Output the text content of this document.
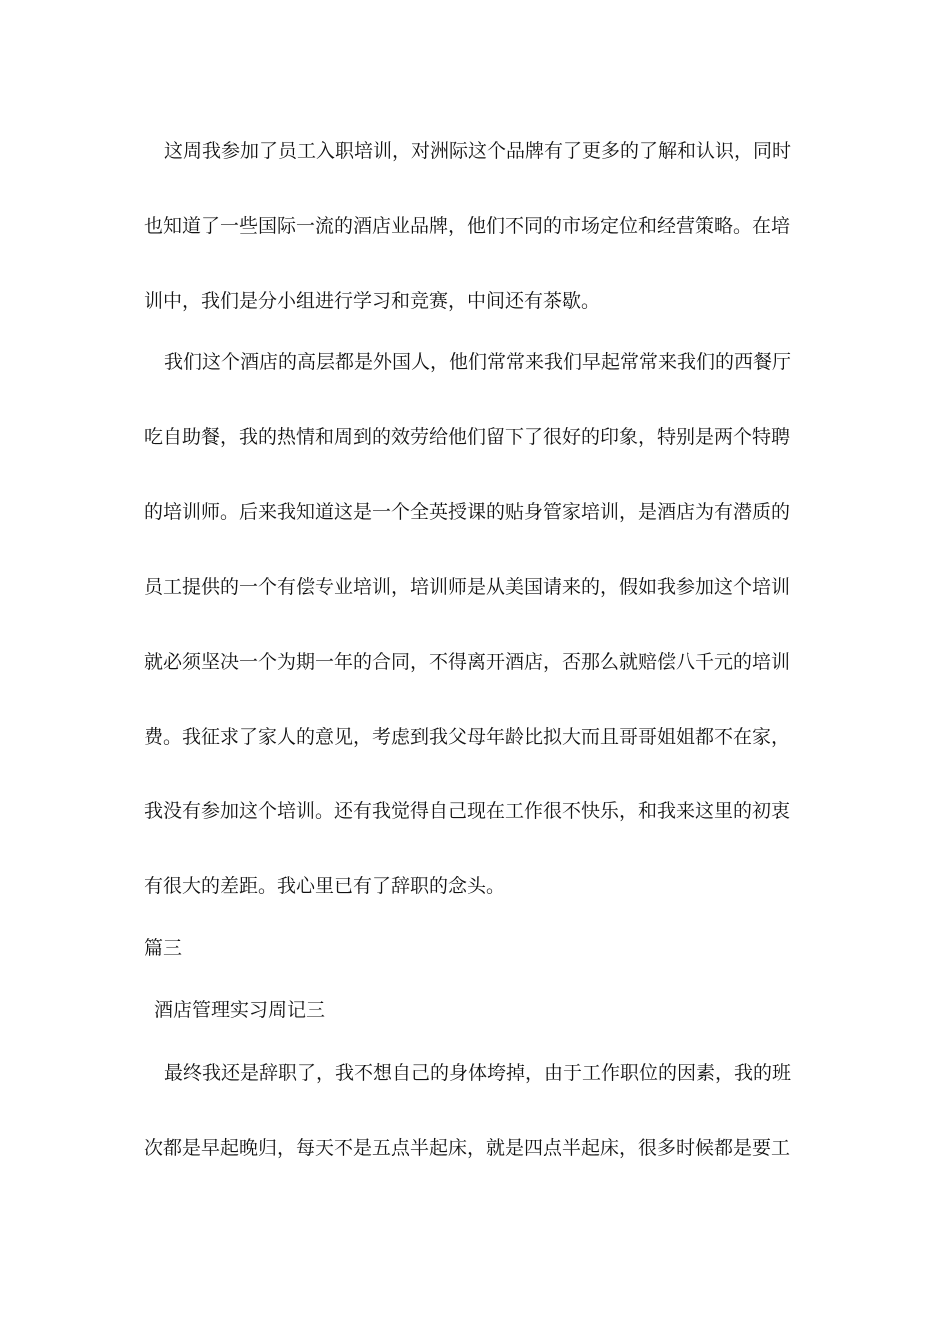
这周我参加了员工入职培训，对洲际这个品牌有了更多的了解和认识，同时
也知道了一些国际一流的酒店业品牌，他们不同的市场定位和经营策略。在培
训中，我们是分小组进行学习和竞赛，中间还有茶歇。
我们这个酒店的高层都是外国人，他们常常来我们早起常常来我们的西餐厅
吃自助餐，我的热情和周到的效劳给他们留下了很好的印象，特别是两个特聘
的培训师。后来我知道这是一个全英授课的贴身管家培训，是酒店为有潜质的
员工提供的一个有偿专业培训，培训师是从美国请来的，假如我参加这个培训
就必须坚决一个为期一年的合同，不得离开酒店，否那么就赔偿八千元的培训
费。我征求了家人的意见，考虑到我父母年龄比拟大而且哥哥姐姐都不在家，
我没有参加这个培训。还有我觉得自己现在工作很不快乐，和我来这里的初衷
有很大的差距。我心里已有了辞职的念头。
篇三
酒店管理实习周记三
最终我还是辞职了，我不想自己的身体垮掉，由于工作职位的因素，我的班
次都是早起晚归，每天不是五点半起床，就是四点半起床，很多时候都是要工
